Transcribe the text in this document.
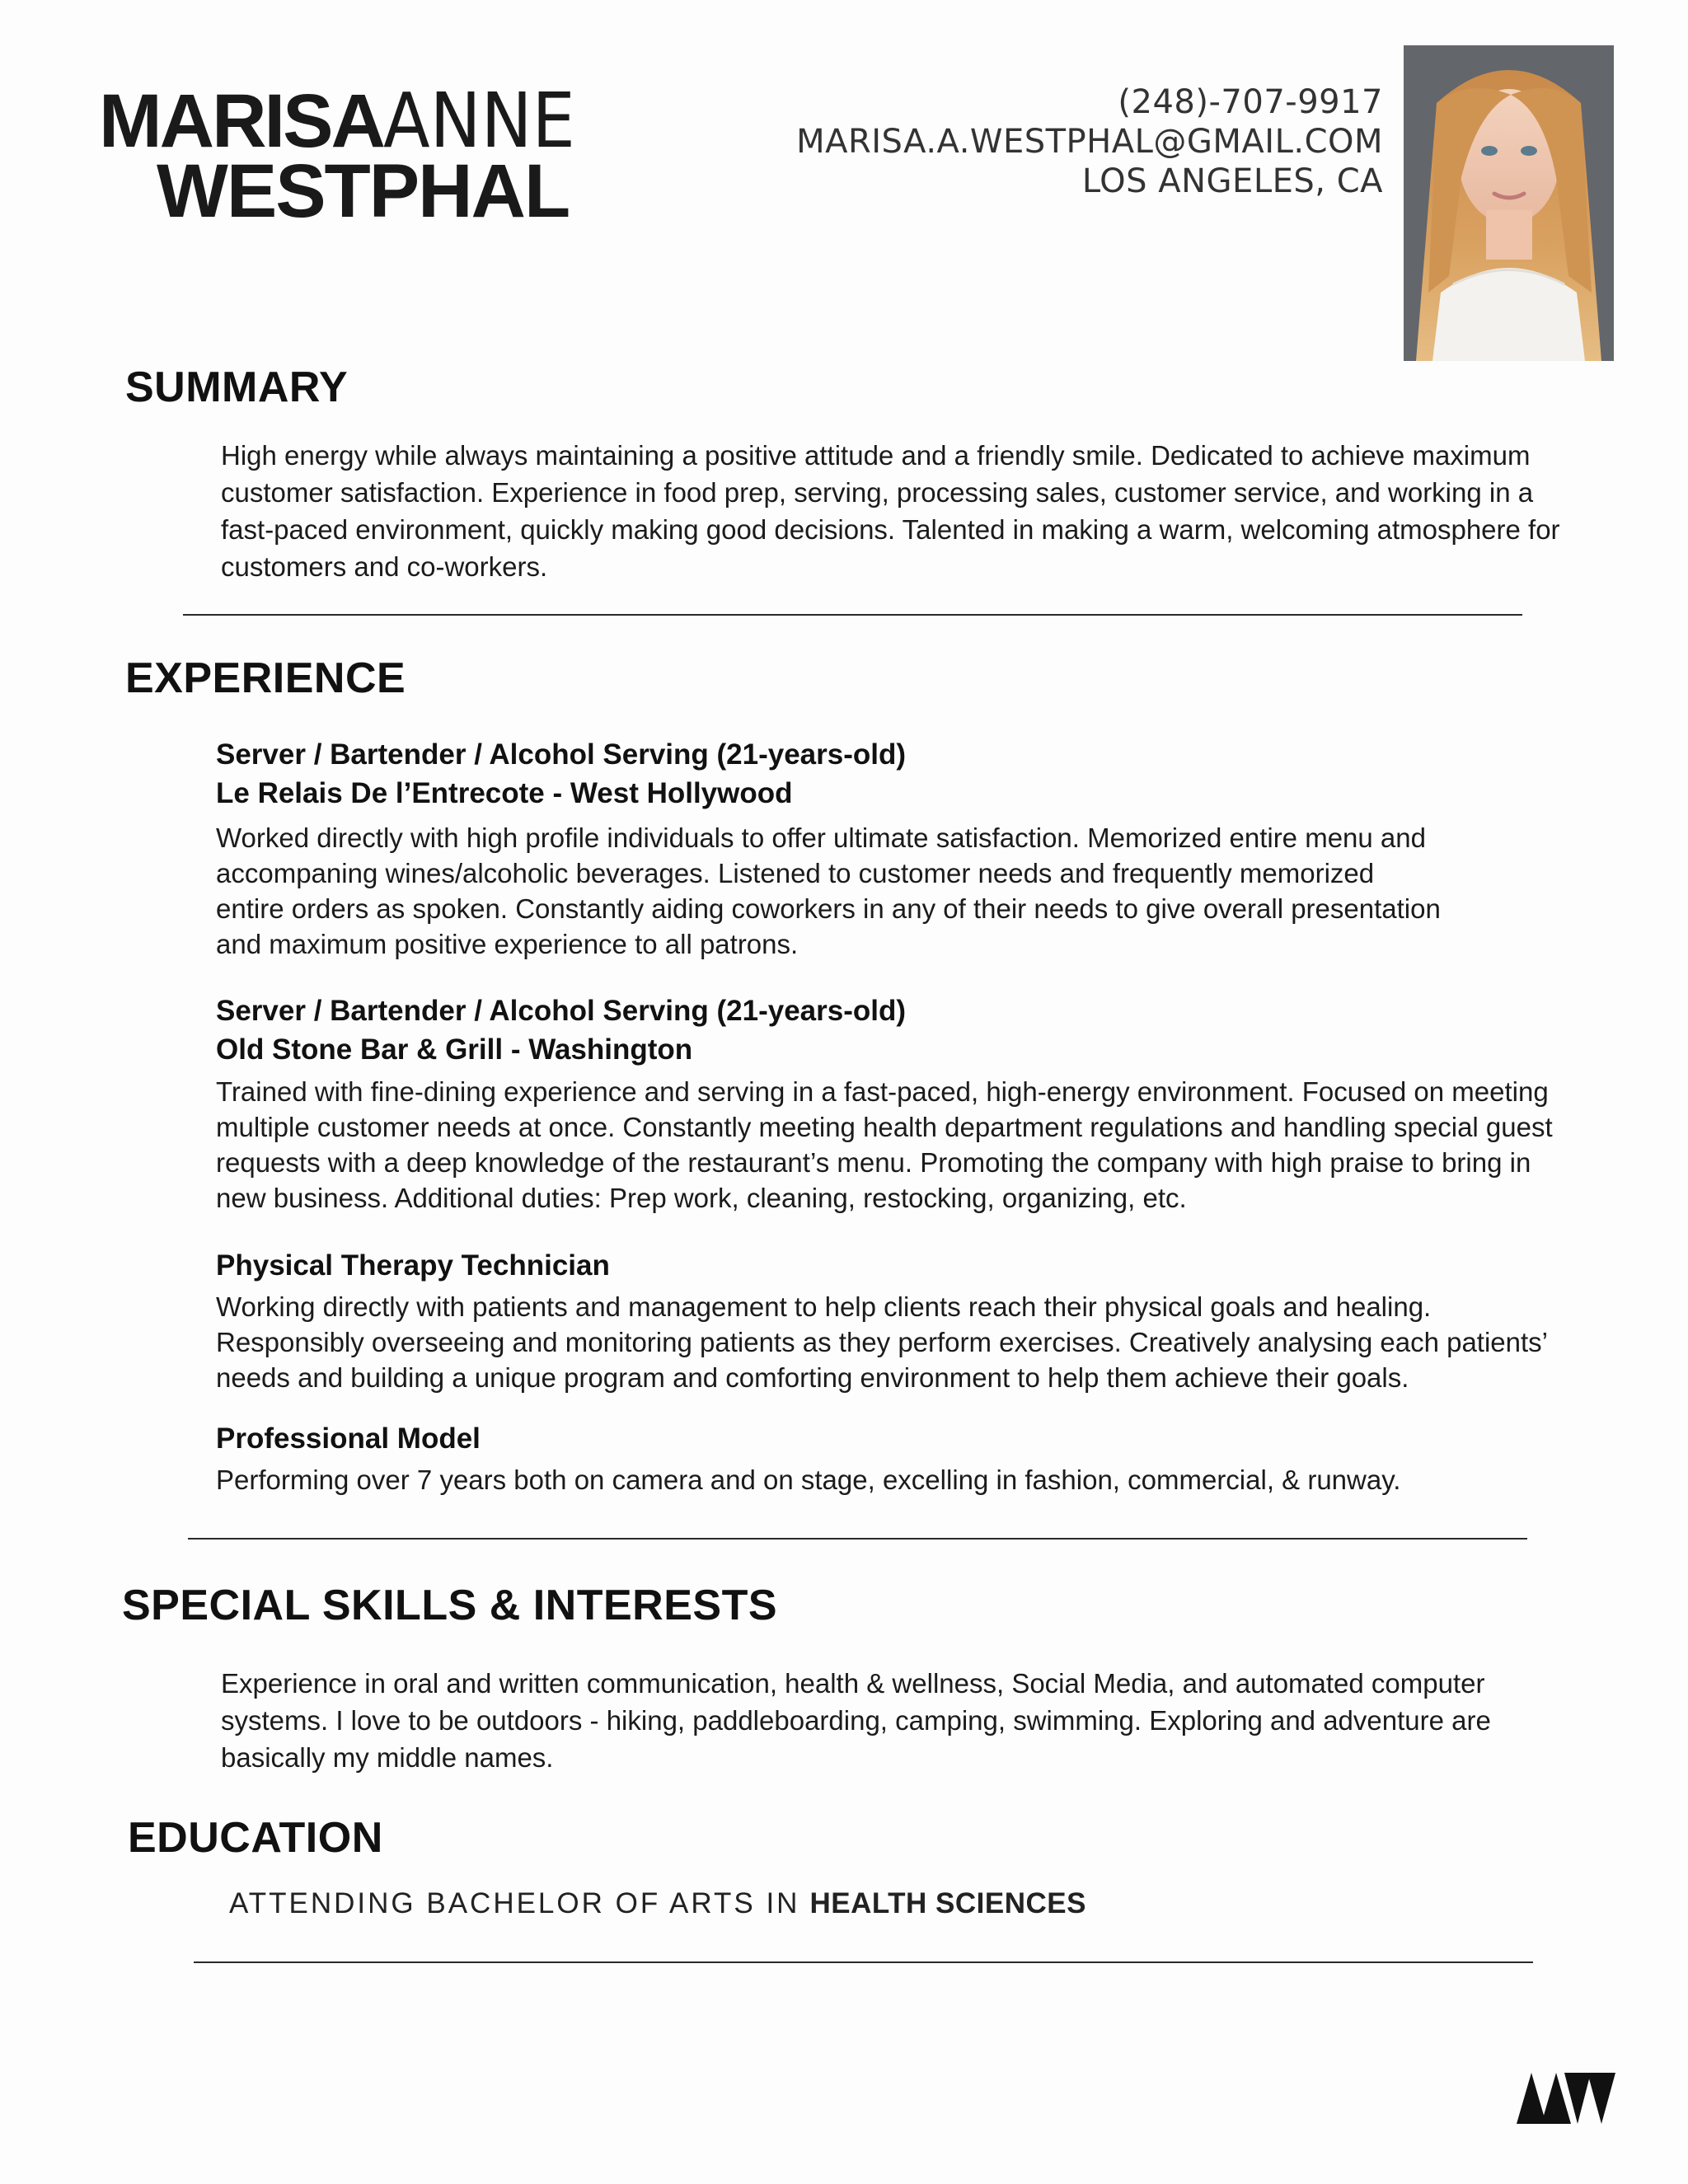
MARISAANNE
WESTPHAL
(248)-707-9917
MARISA.A.WESTPHAL@GMAIL.COM
LOS ANGELES, CA
SUMMARY
High energy while always maintaining a positive attitude and a friendly smile. Dedicated to achieve maximum
customer satisfaction. Experience in food prep, serving, processing sales, customer service, and working in a
fast-paced environment, quickly making good decisions. Talented in making a warm, welcoming atmosphere for
customers and co-workers.
EXPERIENCE
Server / Bartender / Alcohol Serving (21-years-old)
Le Relais De l’Entrecote - West Hollywood
Worked directly with high profile individuals to offer ultimate satisfaction. Memorized entire menu and
accompaning wines/alcoholic beverages. Listened to customer needs and frequently memorized
entire orders as spoken. Constantly aiding coworkers in any of their needs to give overall presentation
and maximum positive experience to all patrons.
Server / Bartender / Alcohol Serving (21-years-old)
Old Stone Bar & Grill - Washington
Trained with fine-dining experience and serving in a fast-paced, high-energy environment. Focused on meeting
multiple customer needs at once. Constantly meeting health department regulations and handling special guest
requests with a deep knowledge of the restaurant’s menu. Promoting the company with high praise to bring in
new business. Additional duties: Prep work, cleaning, restocking, organizing, etc.
Physical Therapy Technician
Working directly with patients and management to help clients reach their physical goals and healing.
Responsibly overseeing and monitoring patients as they perform exercises. Creatively analysing each patients’
needs and building a unique program and comforting environment to help them achieve their goals.
Professional Model
Performing over 7 years both on camera and on stage, excelling in fashion, commercial, & runway.
SPECIAL SKILLS & INTERESTS
Experience in oral and written communication, health & wellness, Social Media, and automated computer
systems. I love to be outdoors - hiking, paddleboarding, camping, swimming. Exploring and adventure are
basically my middle names.
EDUCATION
ATTENDING BACHELOR OF ARTS IN HEALTH SCIENCES
